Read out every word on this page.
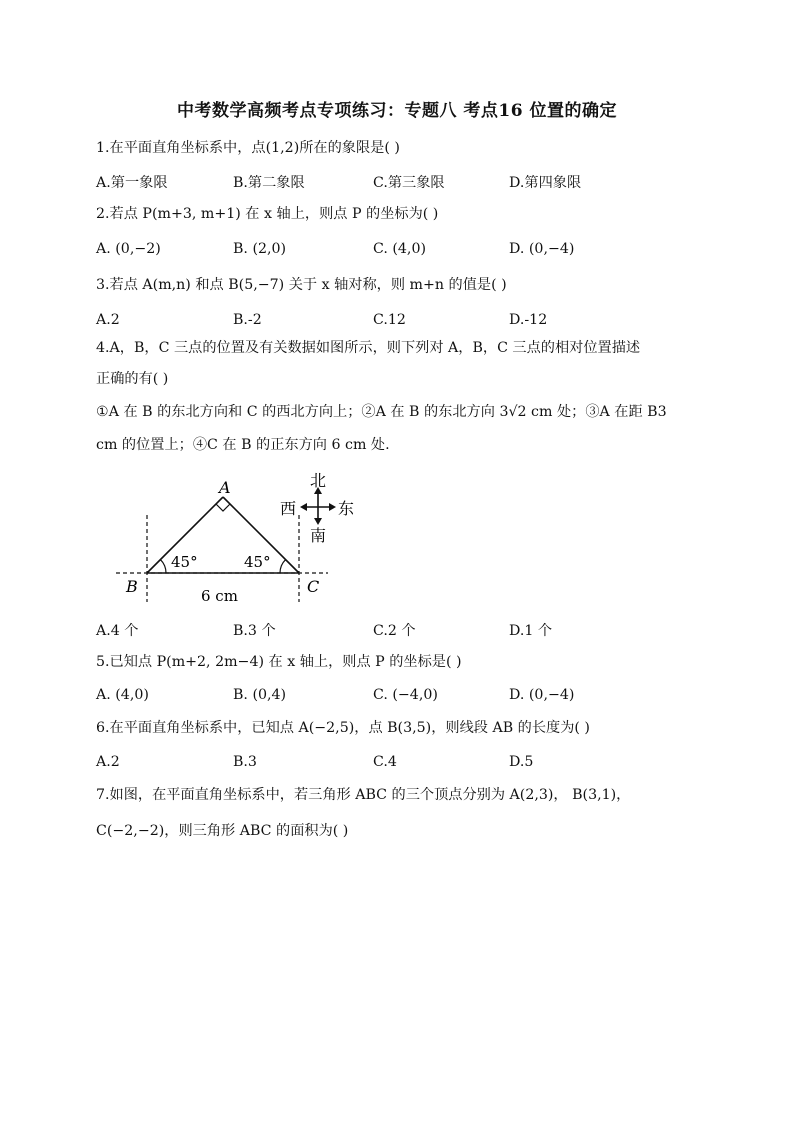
中考数学高频考点专项练习：专题八 考点16 位置的确定
1.在平面直角坐标系中，点(1,2)所在的象限是( )
A.第一象限	B.第二象限	C.第三象限	D.第四象限
2.若点 P(m+3, m+1) 在 x 轴上，则点 P 的坐标为( )
A. (0,−2)	B. (2,0)	C. (4,0)	D. (0,−4)
3.若点 A(m,n) 和点 B(5,−7) 关于 x 轴对称，则 m+n 的值是( )
A.2	B.-2	C.12	D.-12
4.A，B，C 三点的位置及有关数据如图所示，则下列对 A，B，C 三点的相对位置描述
正确的有( )
①A 在 B 的东北方向和 C 的西北方向上；②A 在 B 的东北方向 3√2 cm 处；③A 在距 B3
cm 的位置上；④C 在 B 的正东方向 6 cm 处.
A
B	C
45°	45°
6 cm
北
西	东
南
A.4 个	B.3 个	C.2 个	D.1 个
5.已知点 P(m+2, 2m−4) 在 x 轴上，则点 P 的坐标是( )
A. (4,0)	B. (0,4)	C. (−4,0)	D. (0,−4)
6.在平面直角坐标系中，已知点 A(−2,5)，点 B(3,5)，则线段 AB 的长度为( )
A.2	B.3	C.4	D.5
7.如图，在平面直角坐标系中，若三角形 ABC 的三个顶点分别为 A(2,3)， B(3,1)，
C(−2,−2)，则三角形 ABC 的面积为( )
